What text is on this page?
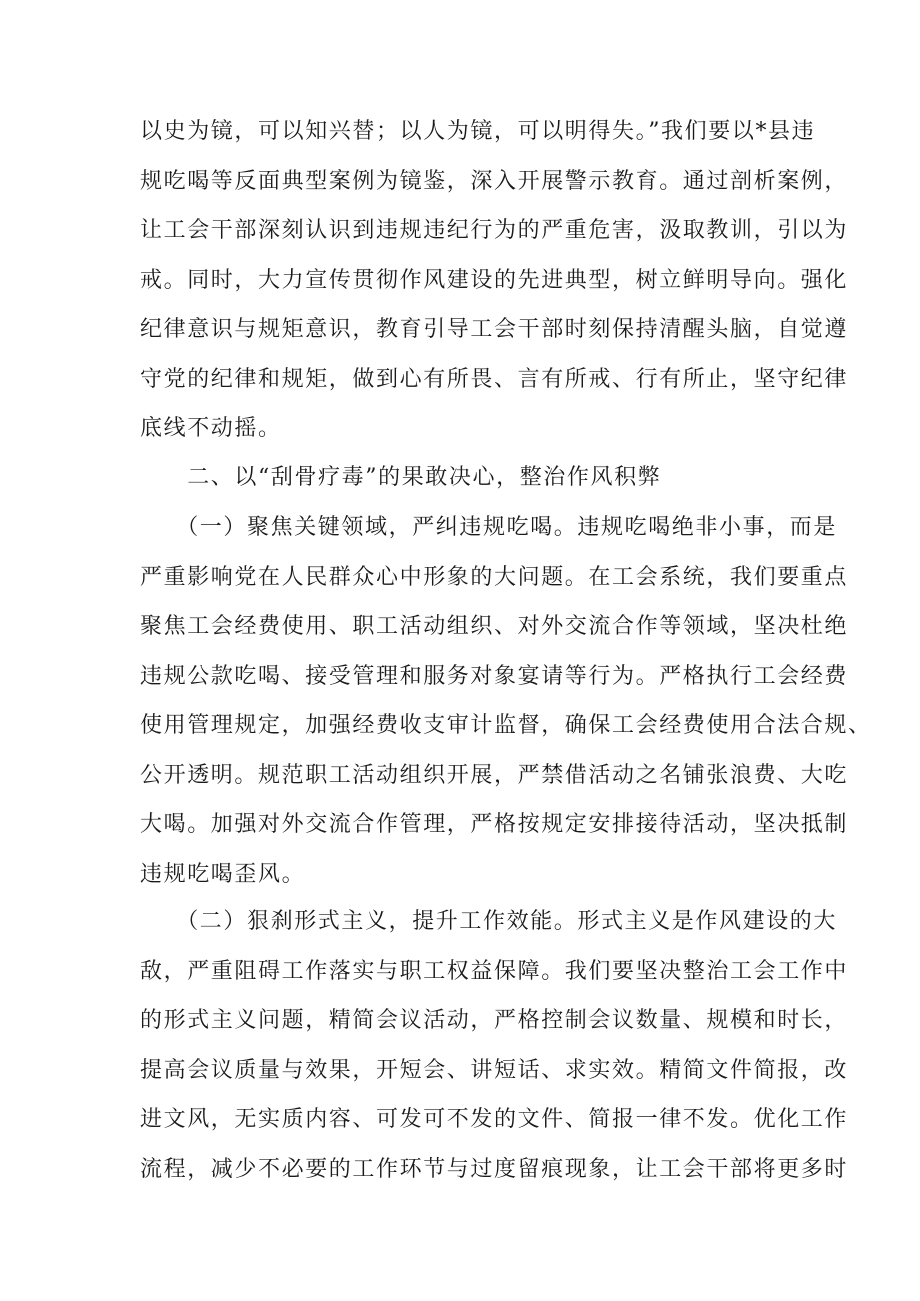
以史为镜，可以知兴替；以人为镜，可以明得失。”我们要以*县违
规吃喝等反面典型案例为镜鉴，深入开展警示教育。通过剖析案例，
让工会干部深刻认识到违规违纪行为的严重危害，汲取教训，引以为
戒。同时，大力宣传贯彻作风建设的先进典型，树立鲜明导向。强化
纪律意识与规矩意识，教育引导工会干部时刻保持清醒头脑，自觉遵
守党的纪律和规矩，做到心有所畏、言有所戒、行有所止，坚守纪律
底线不动摇。
　　二、以“刮骨疗毒”的果敢决心，整治作风积弊
　　（一）聚焦关键领域，严纠违规吃喝。违规吃喝绝非小事，而是
严重影响党在人民群众心中形象的大问题。在工会系统，我们要重点
聚焦工会经费使用、职工活动组织、对外交流合作等领域，坚决杜绝
违规公款吃喝、接受管理和服务对象宴请等行为。严格执行工会经费
使用管理规定，加强经费收支审计监督，确保工会经费使用合法合规、
公开透明。规范职工活动组织开展，严禁借活动之名铺张浪费、大吃
大喝。加强对外交流合作管理，严格按规定安排接待活动，坚决抵制
违规吃喝歪风。
　　（二）狠刹形式主义，提升工作效能。形式主义是作风建设的大
敌，严重阻碍工作落实与职工权益保障。我们要坚决整治工会工作中
的形式主义问题，精简会议活动，严格控制会议数量、规模和时长，
提高会议质量与效果，开短会、讲短话、求实效。精简文件简报，改
进文风，无实质内容、可发可不发的文件、简报一律不发。优化工作
流程，减少不必要的工作环节与过度留痕现象，让工会干部将更多时
